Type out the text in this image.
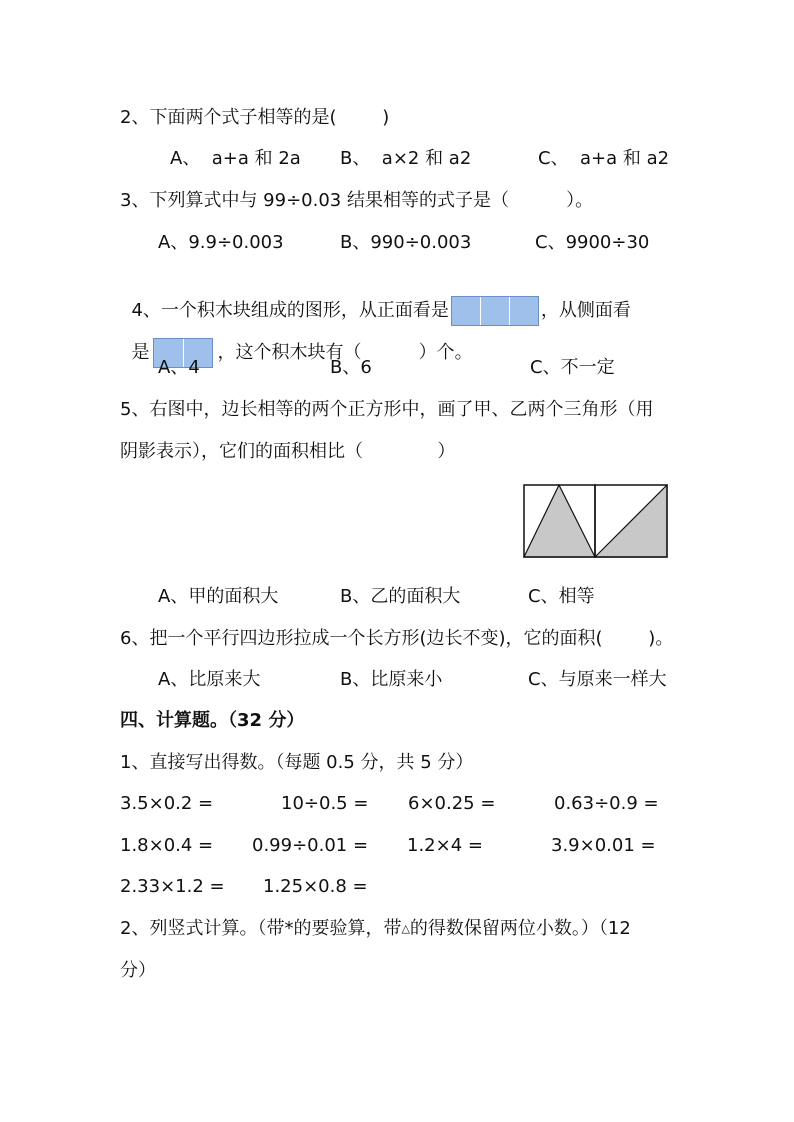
2、下面两个式子相等的是(        )
A、  a+a 和 2a B、  a×2 和 a2	C、  a+a 和 a2
3、下列算式中与 99÷0.03 结果相等的式子是（          ）。
A、9.9÷0.003	B、990÷0.003	C、9900÷30

4、一个积木块组成的图形，从正面看是	，从侧面看

是	，这个积木块有（          ）个。

A、4	B、6	C、不一定
5、右图中，边长相等的两个正方形中，画了甲、乙两个三角形（用
阴影表示），它们的面积相比（             ）
A、甲的面积大	B、乙的面积大	C、相等
6、把一个平行四边形拉成一个长方形(边长不变)，它的面积(        )。
A、比原来大	B、比原来小	C、与原来一样大
四、计算题。（32 分）
1、直接写出得数。（每题 0.5 分，共 5 分）
3.5×0.2 =	10÷0.5 = 6×0.25 =	0.63÷0.9 =
1.8×0.4 = 0.99÷0.01 = 1.2×4 =	3.9×0.01 =
2.33×1.2 = 1.25×0.8 =
2、列竖式计算。（带*的要验算，带△的得数保留两位小数。）（12
分）
